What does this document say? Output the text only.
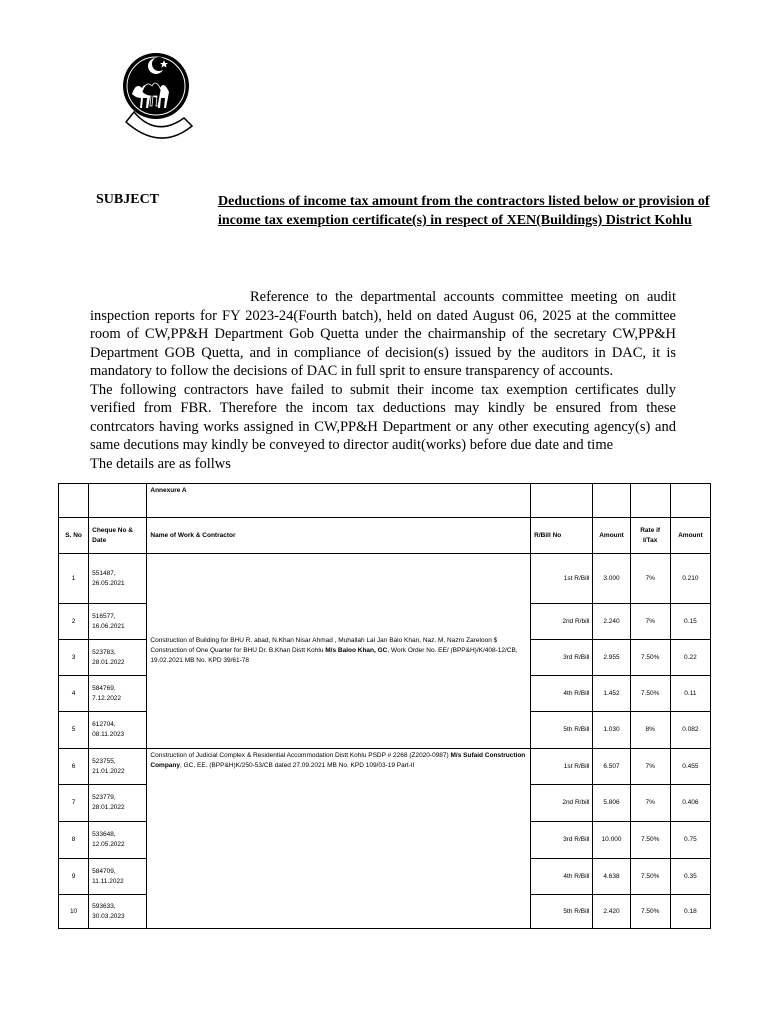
SUBJECT	Deductions of income tax amount from the contractors listed below or provision of income tax exemption certificate(s) in respect of XEN(Buildings) District Kohlu

Reference to the departmental accounts committee meeting on audit inspection reports for FY 2023-24(Fourth batch), held on dated August 06, 2025 at the committee room of CW,PP&H Department Gob Quetta under the chairmanship of the secretary CW,PP&H Department GOB Quetta, and in compliance of decision(s) issued by the auditors in DAC, it is mandatory to follow the decisions of DAC in full sprit to ensure transparency of accounts.

The following contractors have failed to submit their income tax exemption certificates dully verified from FBR. Therefore the incom tax deductions may kindly be ensured from these contrcators having works assigned in CW,PP&H Department or any other executing agency(s) and same decutions may kindly be conveyed to director audit(works) before due date and time

The details are as follws

		Annexure A				
S. No	Cheque No & Date	Name of Work & Contractor	R/Bill No	Amount	Rate if I/Tax	Amount
1	551487, 26.05.2021	Construction of Building for BHU R. abad, N.Khan Nisar Ahmad , Muhallah Lal Jan Balo Khan, Naz. M, Nazro Zareloon $ Construction of One Quarter for BHU Dr. B.Khan Distt Kohlu M/s Baloo Khan, GC, Work Order No. EE/ (BPP&H)/K/408-12/CB, 19.02.2021 MB No. KPD 39/61-78	1st R/Bill	3.000	7%	0.210
2	516577, 16.06.2021		2nd R/bill	2.240	7%	0.15
3	523783, 28.01.2022		3rd R/Bill	2.955	7.50%	0.22
4	584769, 7.12.2022		4th R/Bill	1.452	7.50%	0.11
5	612704, 08.11.2023		5th R/Bill	1.030	8%	0.082
6	523755, 21.01.2022	Construction of Judicial Complex & Residential Accommodation Distt Kohlu PSDP # 2268 (Z2020-0987) M/s Sufaid Construction Company, GC, EE. (BPP&H)K/250-53/CB dated 27.09.2021 MB No. KPD 109/03-19 Part-II	1st R/Bill	6.507	7%	0.455
7	523779, 28.01.2022		2nd R/bill	5.806	7%	0.406
8	533648, 12.05.2022		3rd R/Bill	10.000	7.50%	0.75
9	584709, 11.11.2022		4th R/Bill	4.638	7.50%	0.35
10	593633, 30.03.2023		5th R/Bill	2.420	7.50%	0.18
